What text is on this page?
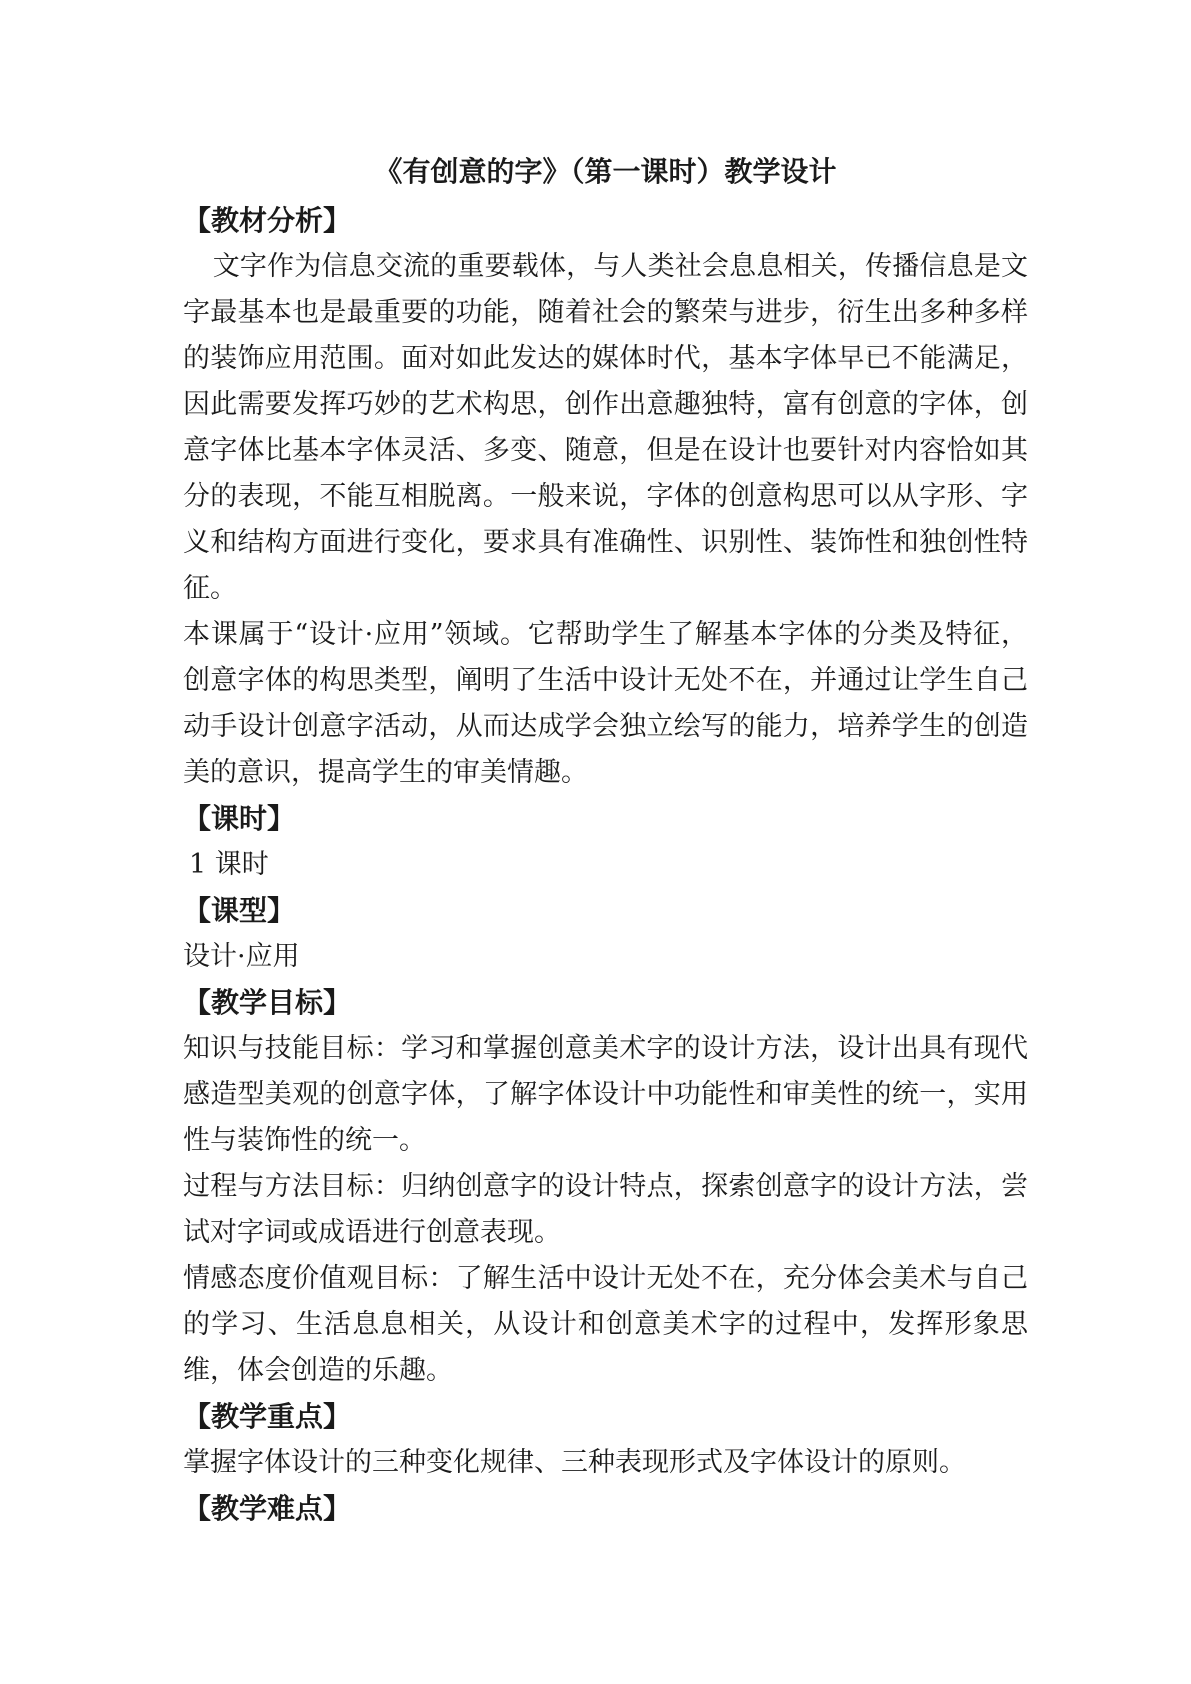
《有创意的字》（第一课时）教学设计
【教材分析】

文字作为信息交流的重要载体，与人类社会息息相关，传播信息是文字最基本也是最重要的功能，随着社会的繁荣与进步，衍生出多种多样的装饰应用范围。面对如此发达的媒体时代，基本字体早已不能满足，因此需要发挥巧妙的艺术构思，创作出意趣独特，富有创意的字体，创意字体比基本字体灵活、多变、随意，但是在设计也要针对内容恰如其分的表现，不能互相脱离。一般来说，字体的创意构思可以从字形、字义和结构方面进行变化，要求具有准确性、识别性、装饰性和独创性特征。

本课属于“设计·应用”领域。它帮助学生了解基本字体的分类及特征，创意字体的构思类型，阐明了生活中设计无处不在，并通过让学生自己动手设计创意字活动，从而达成学会独立绘写的能力，培养学生的创造美的意识，提高学生的审美情趣。

【课时】

1 课时

【课型】

设计·应用

【教学目标】

知识与技能目标：学习和掌握创意美术字的设计方法，设计出具有现代感造型美观的创意字体，了解字体设计中功能性和审美性的统一，实用性与装饰性的统一。

过程与方法目标：归纳创意字的设计特点，探索创意字的设计方法，尝试对字词或成语进行创意表现。

情感态度价值观目标：了解生活中设计无处不在，充分体会美术与自己的学习、生活息息相关，从设计和创意美术字的过程中，发挥形象思维，体会创造的乐趣。

【教学重点】

掌握字体设计的三种变化规律、三种表现形式及字体设计的原则。

【教学难点】
